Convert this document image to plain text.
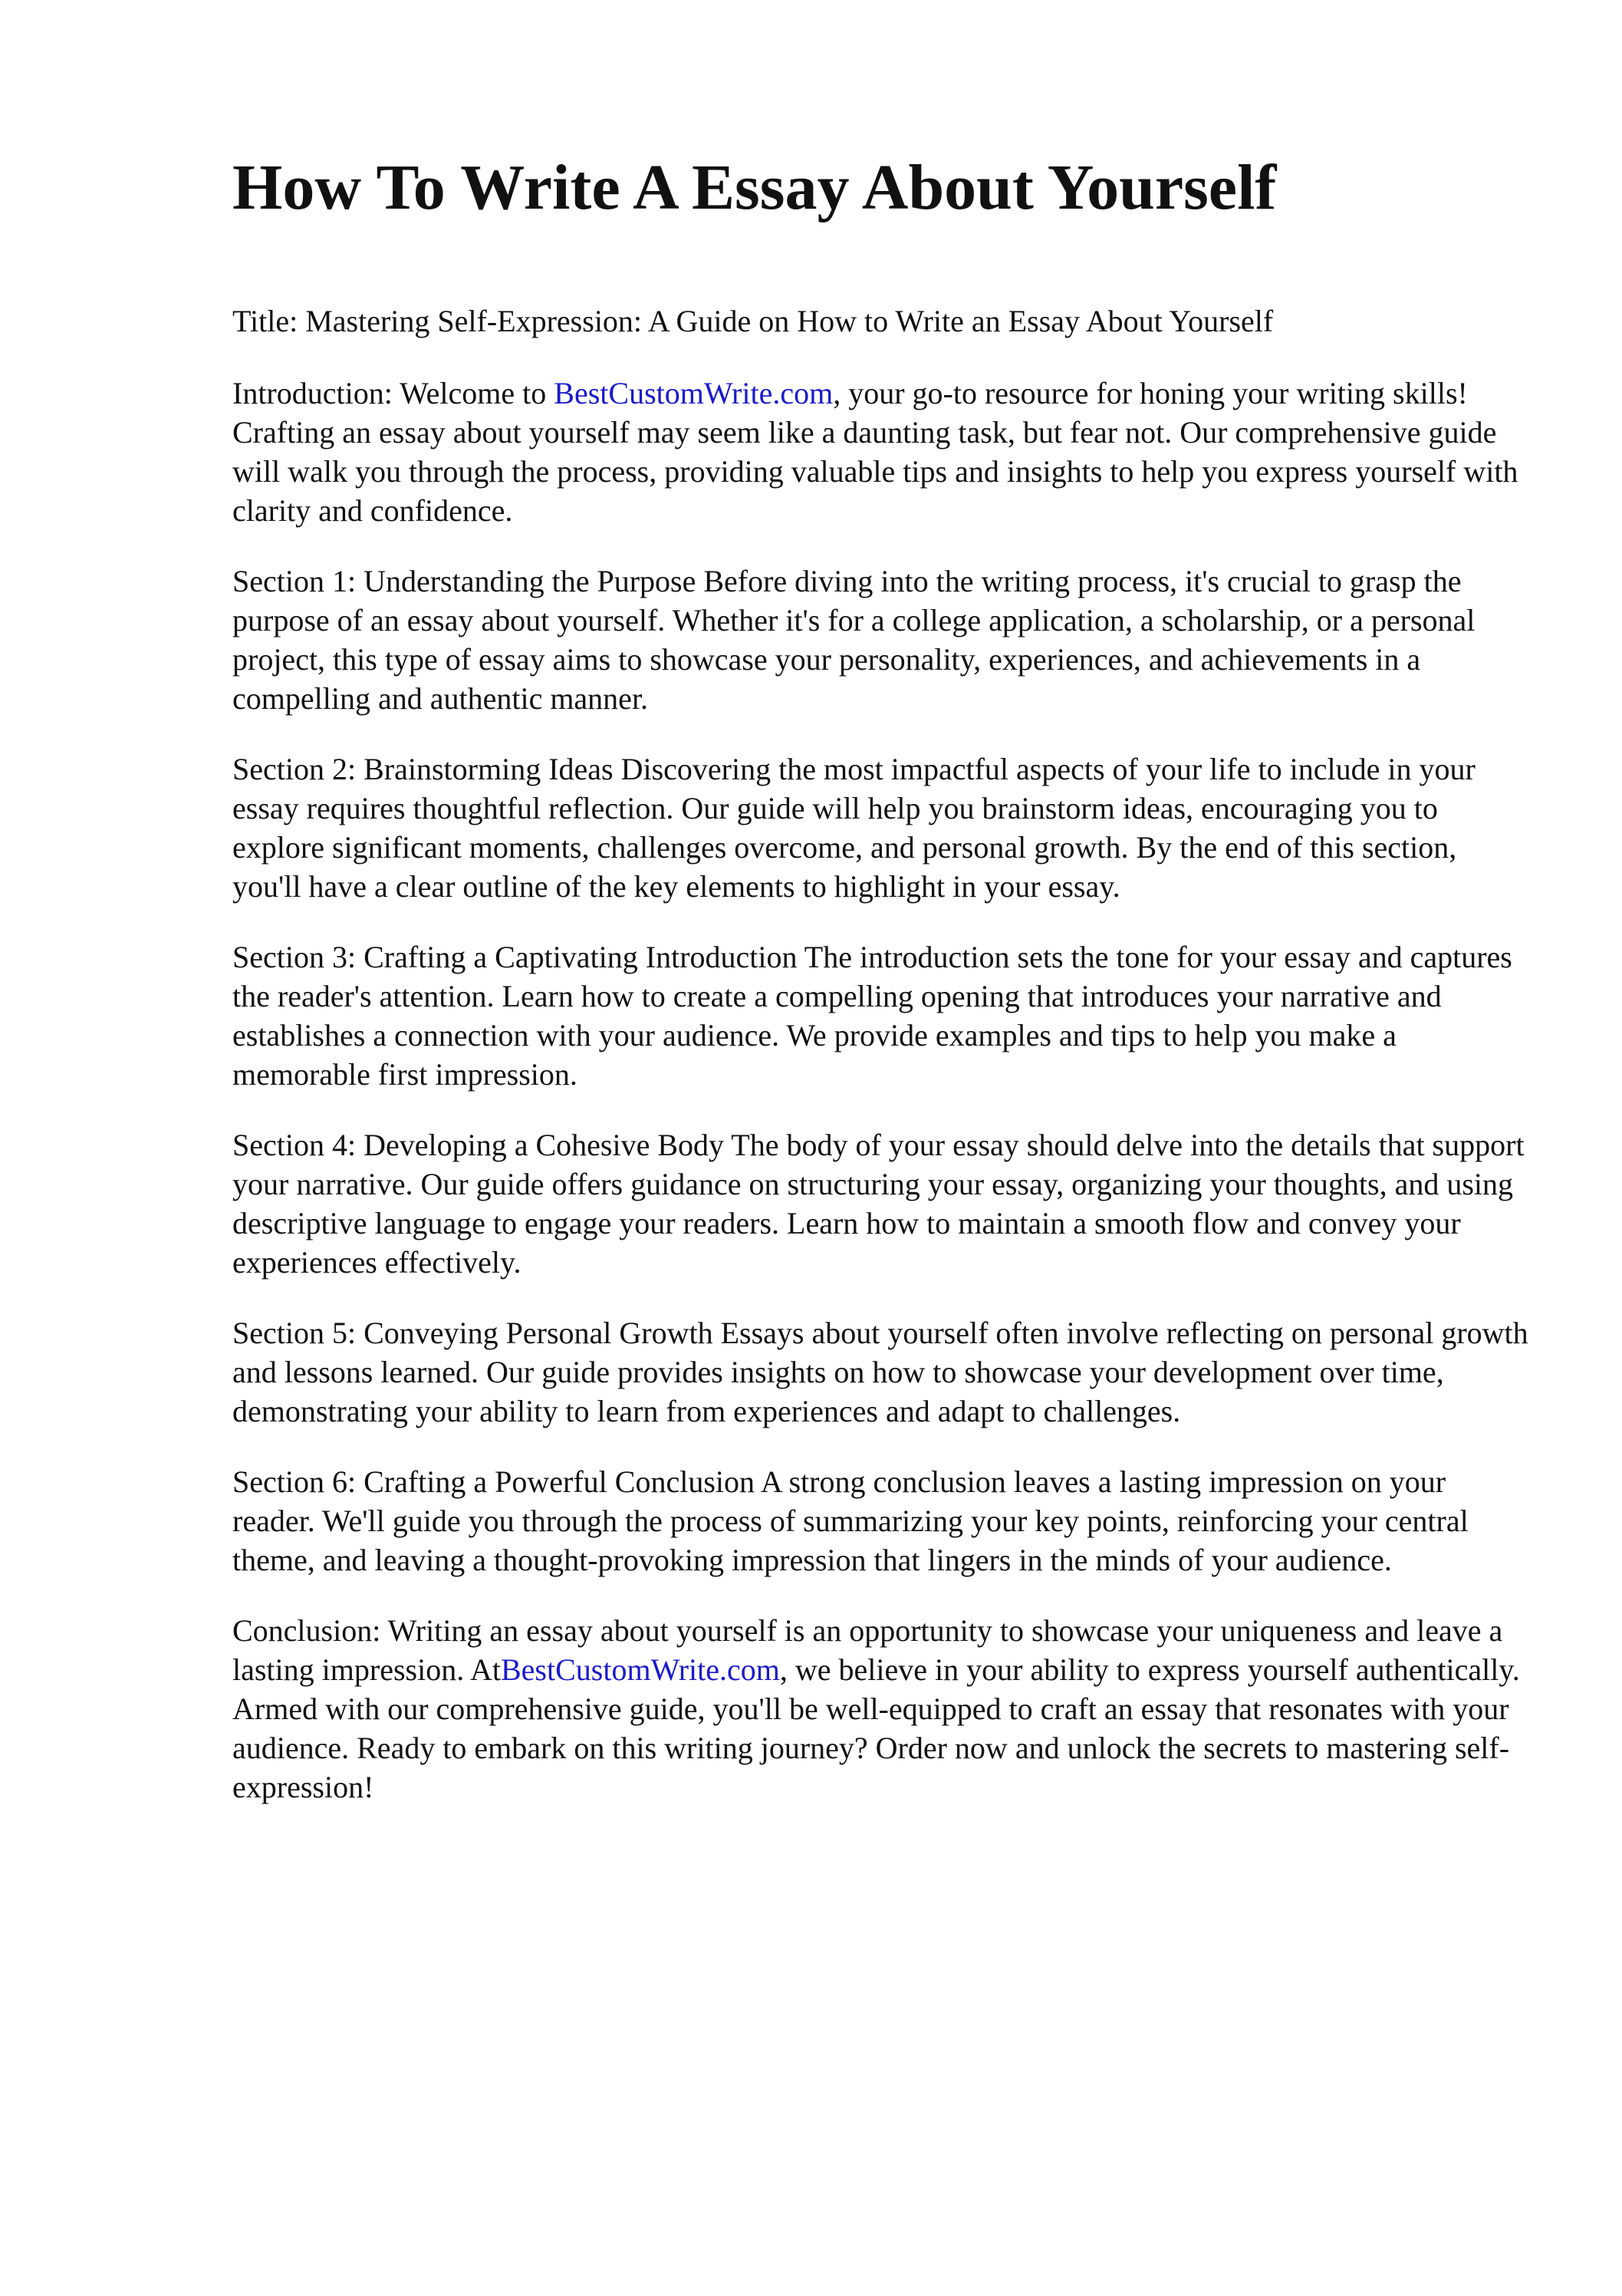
How To Write A Essay About Yourself

Title: Mastering Self-Expression: A Guide on How to Write an Essay About Yourself

Introduction: Welcome to BestCustomWrite.com, your go-to resource for honing your writing skills! Crafting an essay about yourself may seem like a daunting task, but fear not. Our comprehensive guide will walk you through the process, providing valuable tips and insights to help you express yourself with clarity and confidence.

Section 1: Understanding the Purpose Before diving into the writing process, it's crucial to grasp the purpose of an essay about yourself. Whether it's for a college application, a scholarship, or a personal project, this type of essay aims to showcase your personality, experiences, and achievements in a compelling and authentic manner.

Section 2: Brainstorming Ideas Discovering the most impactful aspects of your life to include in your essay requires thoughtful reflection. Our guide will help you brainstorm ideas, encouraging you to explore significant moments, challenges overcome, and personal growth. By the end of this section, you'll have a clear outline of the key elements to highlight in your essay.

Section 3: Crafting a Captivating Introduction The introduction sets the tone for your essay and captures the reader's attention. Learn how to create a compelling opening that introduces your narrative and establishes a connection with your audience. We provide examples and tips to help you make a memorable first impression.

Section 4: Developing a Cohesive Body The body of your essay should delve into the details that support your narrative. Our guide offers guidance on structuring your essay, organizing your thoughts, and using descriptive language to engage your readers. Learn how to maintain a smooth flow and convey your experiences effectively.

Section 5: Conveying Personal Growth Essays about yourself often involve reflecting on personal growth and lessons learned. Our guide provides insights on how to showcase your development over time, demonstrating your ability to learn from experiences and adapt to challenges.

Section 6: Crafting a Powerful Conclusion A strong conclusion leaves a lasting impression on your reader. We'll guide you through the process of summarizing your key points, reinforcing your central theme, and leaving a thought-provoking impression that lingers in the minds of your audience.

Conclusion: Writing an essay about yourself is an opportunity to showcase your uniqueness and leave a lasting impression. AtBestCustomWrite.com, we believe in your ability to express yourself authentically. Armed with our comprehensive guide, you'll be well-equipped to craft an essay that resonates with your audience. Ready to embark on this writing journey? Order now and unlock the secrets to mastering self-expression!
